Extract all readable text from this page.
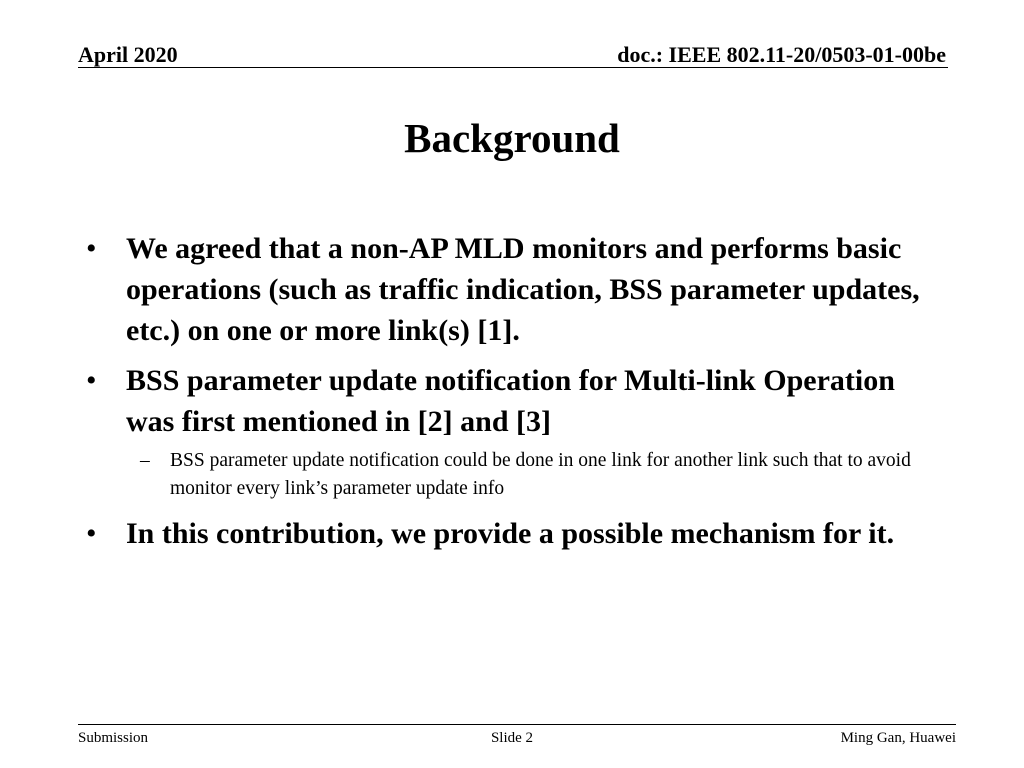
April 2020	doc.: IEEE 802.11-20/0503-01-00be
Background
• We agreed that a non-AP MLD monitors and performs basic operations (such as traffic indication, BSS parameter updates, etc.) on one or more link(s) [1].
• BSS parameter update notification for Multi-link Operation was first mentioned in [2] and [3]
– BSS parameter update notification could be done in one link for another link such that to avoid monitor every link’s parameter update info
• In this contribution, we provide a possible mechanism for it.
Submission	Slide 2	Ming Gan, Huawei
